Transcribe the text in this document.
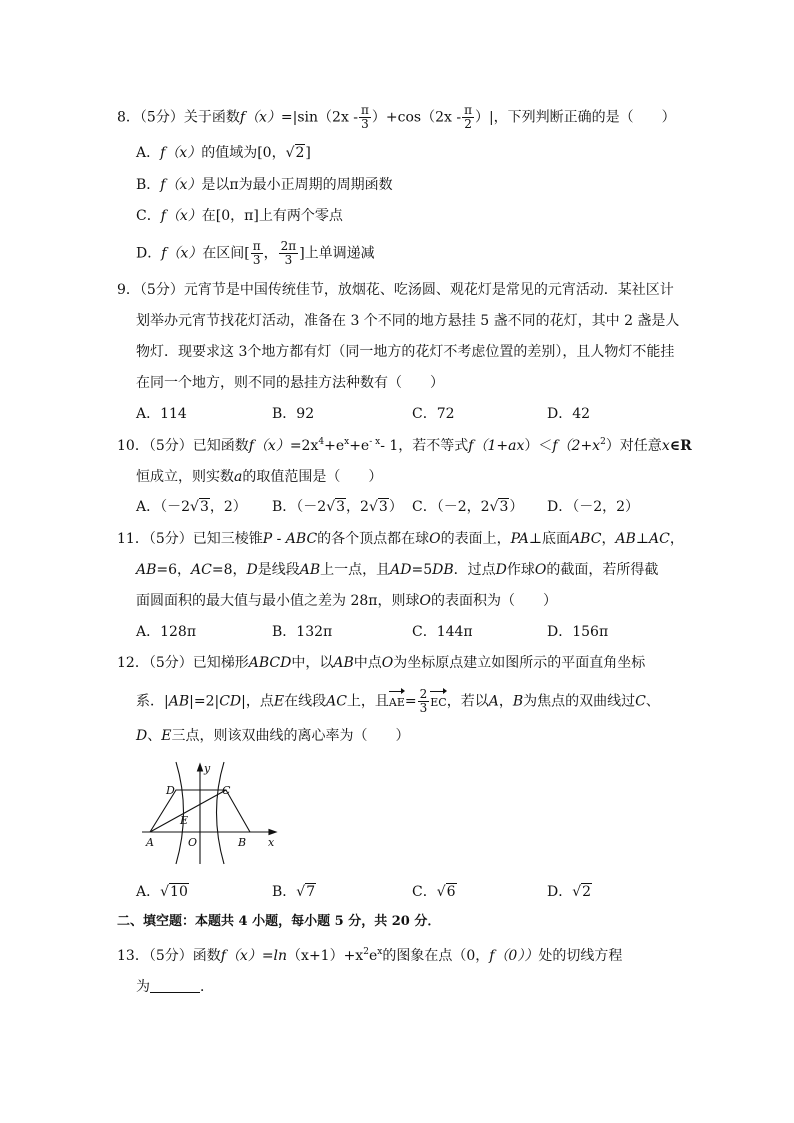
8．（5分）关于函数$f(x)=|\sin(2x - \frac{\pi}{3} )+\cos(2x - \frac{\pi}{2}$ ）|，下列判断正确的是（　　）
A．f（x）的值域为[0，√2]
B．f（x）是以π为最小正周期的周期函数
C．f（x）在[0，π]上有两个零点
D．f（x）在区间[ $\frac{\pi}{3}$ ， $\frac{2\pi}{3}$ ]上单调递减
9．（5分）元宵节是中国传统佳节，放烟花、吃汤圆、观花灯是常见的元宵活动．某社区计
划举办元宵节找花灯活动，准备在 3 个不同的地方悬挂 5 盏不同的花灯，其中 2 盏是人
物灯．现要求这 3个地方都有灯（同一地方的花灯不考虑位置的差别），且人物灯不能挂
在同一个地方，则不同的悬挂方法种数有（　　）
A．114	B．92	C．72	D．42
10．（5分）已知函数$f(x)=2x^4+e^x+e^{- x}-$ 1，若不等式$f(1+ax)<f(2+x^2)$对任意x∈R
恒成立，则实数a的取值范围是（　　）
A．（－2√3，2） B．（－2√3，2√3） C．（－2，2√3） D．（－2，2）
11．（5分）已知三棱锥P - ABC的各个顶点都在球O的表面上，PA⊥底面ABC，AB⊥AC，
AB=6，AC=8，D是线段AB上一点，且AD=5DB．过点D作球O的截面，若所得截
面圆面积的最大值与最小值之差为 28π，则球O的表面积为（　　）
A．128π	B．132π	C．144π	D．156π
12．（5分）已知梯形ABCD中，以AB中点O为坐标原点建立如图所示的平面直角坐标
系．|AB|=2|CD|，点E在线段AC上，且$AE= \frac{2}{3}$ EC，若以A，B为焦点的双曲线过C、
D、E三点，则该双曲线的离心率为（　　）
y
x
D	C
E
A	O	B
A．√10	B．√7	C．√6	D．√2
二、填空题：本题共 4 小题，每小题 5 分，共 20 分．
13．（5分）函数$f(x)=\ln(x+1)+x^2e^x$的图象在点（0，f（0））处的切线方程
为	．
